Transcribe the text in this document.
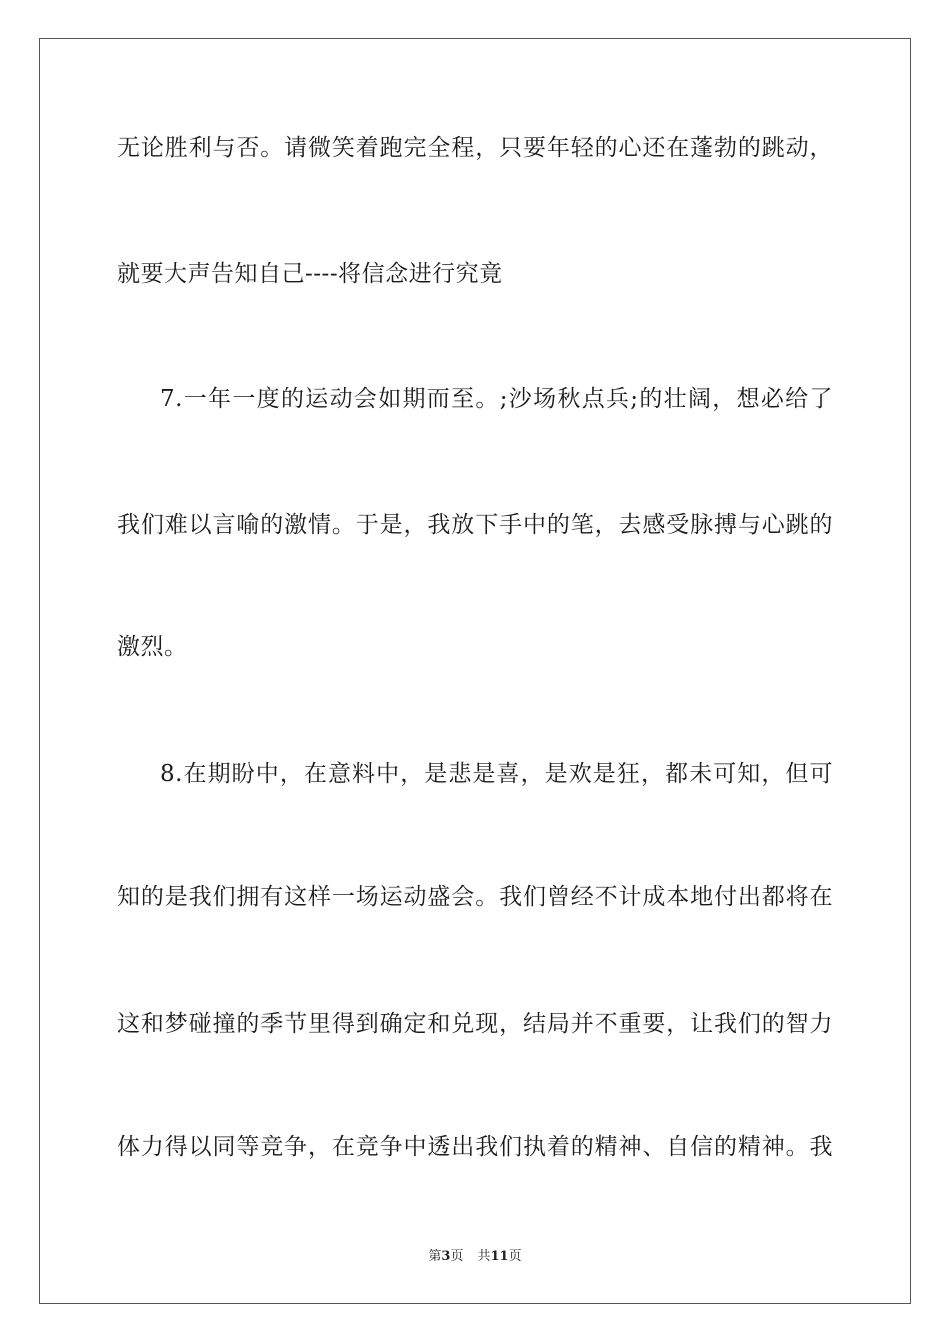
无论胜利与否。请微笑着跑完全程，只要年轻的心还在蓬勃的跳动，
就要大声告知自己----将信念进行究竟
7.一年一度的运动会如期而至。;沙场秋点兵;的壮阔，想必给了
我们难以言喻的激情。于是，我放下手中的笔，去感受脉搏与心跳的
激烈。
8.在期盼中，在意料中，是悲是喜，是欢是狂，都未可知，但可
知的是我们拥有这样一场运动盛会。我们曾经不计成本地付出都将在
这和梦碰撞的季节里得到确定和兑现，结局并不重要，让我们的智力
体力得以同等竞争，在竞争中透出我们执着的精神、自信的精神。我
第3页 共11页
